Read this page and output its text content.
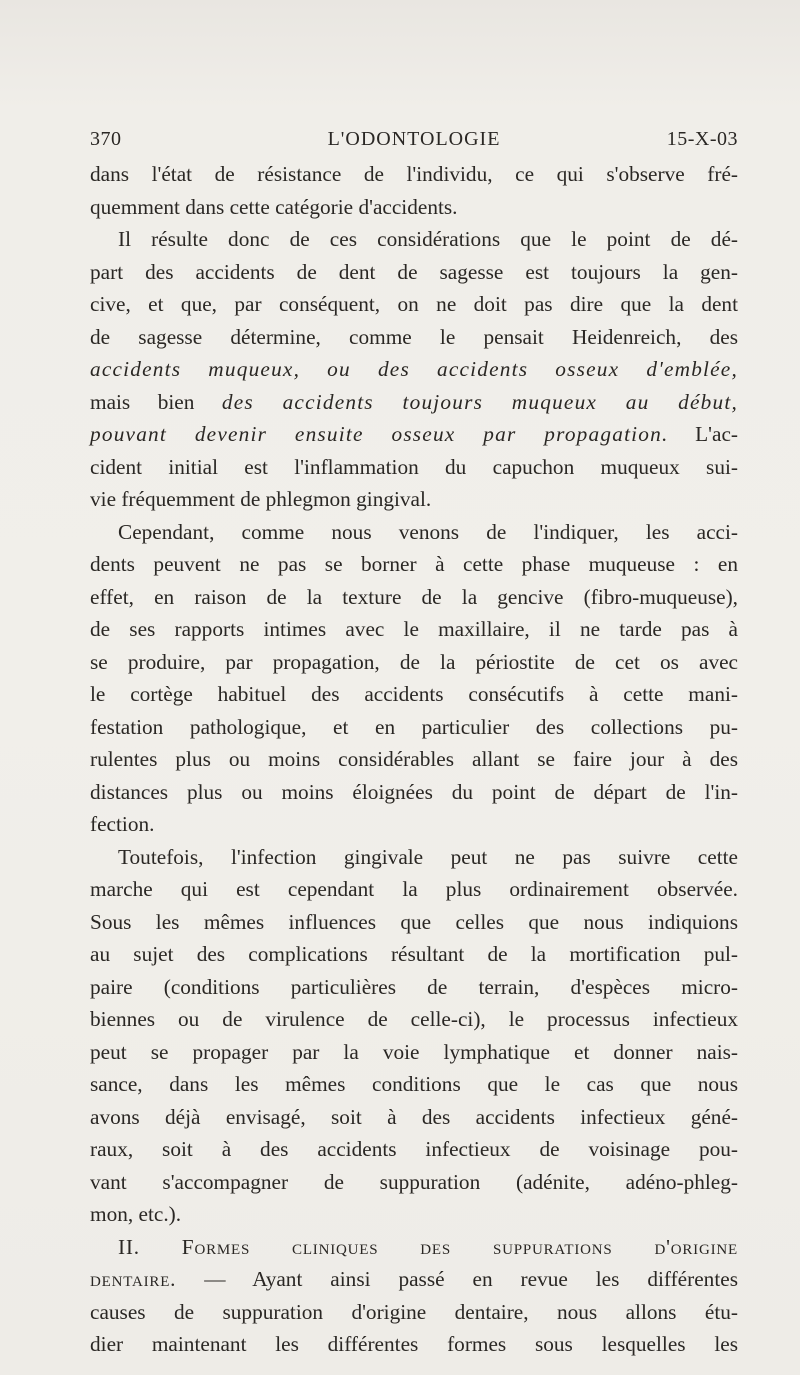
370	L'ODONTOLOGIE	15-X-03
dans l'état de résistance de l'individu, ce qui s'observe fré-
quemment dans cette catégorie d'accidents.
Il résulte donc de ces considérations que le point de dé-
part des accidents de dent de sagesse est toujours la gen-
cive, et que, par conséquent, on ne doit pas dire que la dent
de sagesse détermine, comme le pensait Heidenreich, des
accidents muqueux, ou des accidents osseux d'emblée,
mais bien des accidents toujours muqueux au début,
pouvant devenir ensuite osseux par propagation. L'ac-
cident initial est l'inflammation du capuchon muqueux sui-
vie fréquemment de phlegmon gingival.
Cependant, comme nous venons de l'indiquer, les acci-
dents peuvent ne pas se borner à cette phase muqueuse : en
effet, en raison de la texture de la gencive (fibro-muqueuse),
de ses rapports intimes avec le maxillaire, il ne tarde pas à
se produire, par propagation, de la périostite de cet os avec
le cortège habituel des accidents consécutifs à cette mani-
festation pathologique, et en particulier des collections pu-
rulentes plus ou moins considérables allant se faire jour à des
distances plus ou moins éloignées du point de départ de l'in-
fection.
Toutefois, l'infection gingivale peut ne pas suivre cette
marche qui est cependant la plus ordinairement observée.
Sous les mêmes influences que celles que nous indiquions
au sujet des complications résultant de la mortification pul-
paire (conditions particulières de terrain, d'espèces micro-
biennes ou de virulence de celle-ci), le processus infectieux
peut se propager par la voie lymphatique et donner nais-
sance, dans les mêmes conditions que le cas que nous
avons déjà envisagé, soit à des accidents infectieux géné-
raux, soit à des accidents infectieux de voisinage pou-
vant s'accompagner de suppuration (adénite, adéno-phleg-
mon, etc.).
II. Formes cliniques des suppurations d'origine
dentaire. — Ayant ainsi passé en revue les différentes
causes de suppuration d'origine dentaire, nous allons étu-
dier maintenant les différentes formes sous lesquelles les
